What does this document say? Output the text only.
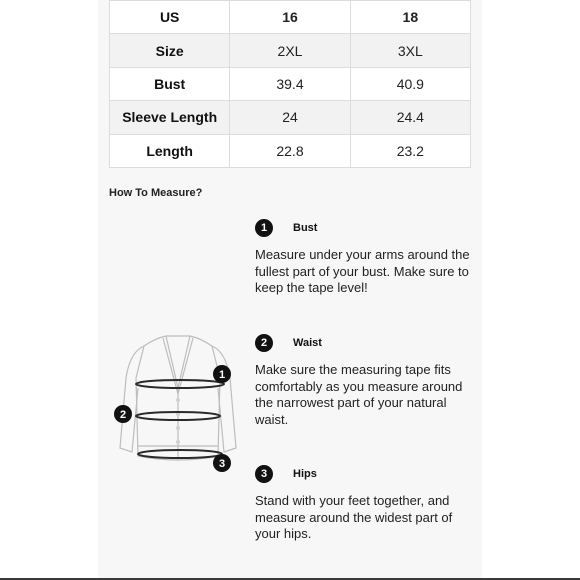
US	16	18
Size	2XL	3XL
Bust	39.4	40.9
Sleeve Length	24	24.4
Length	22.8	23.2
How To Measure?
1	Bust
Measure under your arms around the fullest part of your bust. Make sure to keep the tape level!
2	Waist
Make sure the measuring tape fits comfortably as you measure around the narrowest part of your natural waist.
3	Hips
Stand with your feet together, and measure around the widest part of your hips.
1
2
3
